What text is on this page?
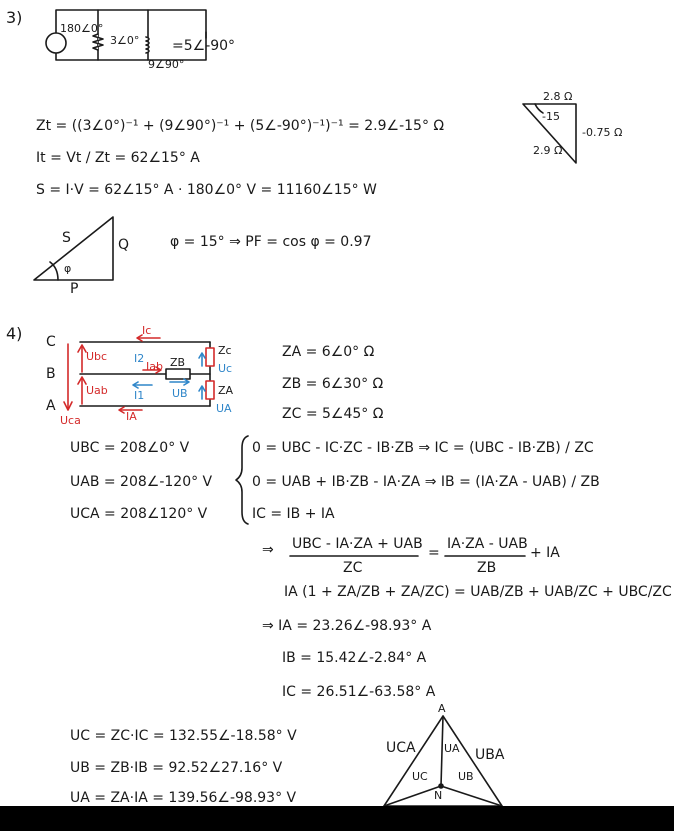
3)
180∠0°
3∠0°
9∠90°
=5∠-90°
Zt = ((3∠0°)⁻¹ + (9∠90°)⁻¹ + (5∠-90°)⁻¹)⁻¹ = 2.9∠-15° Ω
It = Vt / Zt = 62∠15° A
S = I·V = 62∠15° A · 180∠0° V = 11160∠15° W
2.8 Ω
-15
-0.75 Ω
2.9 Ω
S	Q
P
φ
φ = 15° ⇒ PF = cos φ = 0.97
4) C
B
A
Ubc
Uab
Uca
Ic
Iab
IA
I2
I1	UB
Uc
UA
ZB
Zc
ZA
ZA = 6∠0° Ω
ZB = 6∠30° Ω
ZC = 5∠45° Ω
UBC = 208∠0° V
UAB = 208∠-120° V
UCA = 208∠120° V
0 = UBC - IC·ZC - IB·ZB ⇒ IC = (UBC - IB·ZB) / ZC
0 = UAB + IB·ZB - IA·ZA ⇒ IB = (IA·ZA - UAB) / ZB
IC = IB + IA
⇒ UBC - IA·ZA + UAB
ZC
=
IA·ZA - UAB
ZB
+ IA
IA (1 + ZA/ZB + ZA/ZC) = UAB/ZB + UAB/ZC + UBC/ZC
⇒ IA = 23.26∠-98.93° A
IB = 15.42∠-2.84° A
IC = 26.51∠-63.58° A
UC = ZC·IC = 132.55∠-18.58° V
UB = ZB·IB = 92.52∠27.16° V
UA = ZA·IA = 139.56∠-98.93° V
A
UCA	UBA
UA
UC	UB
N
